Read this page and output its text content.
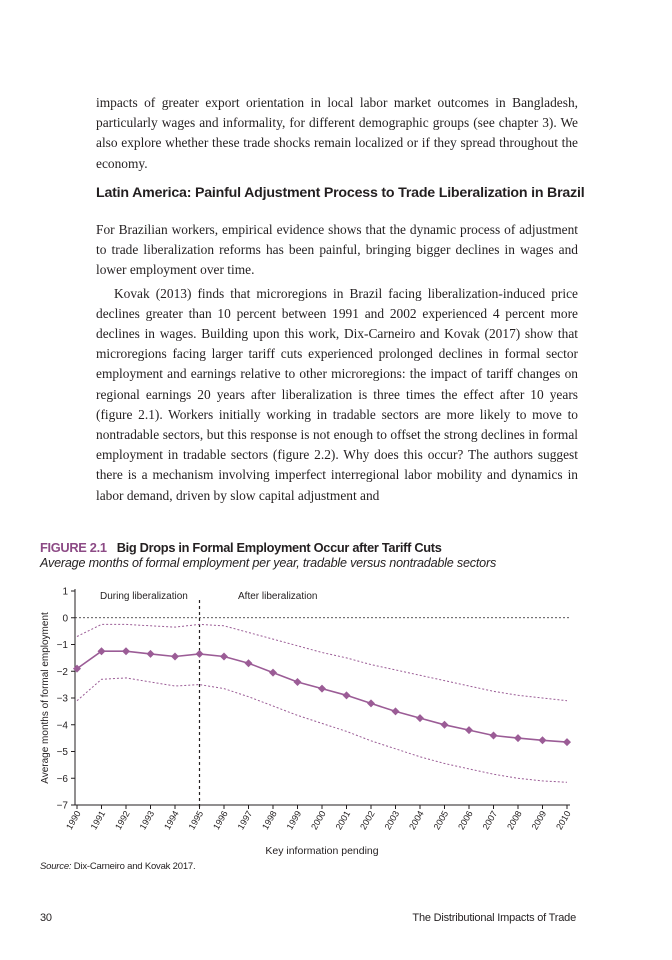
impacts of greater export orientation in local labor market outcomes in Bangladesh, particularly wages and informality, for different demographic groups (see chapter 3). We also explore whether these trade shocks remain localized or if they spread throughout the economy.

Latin America: Painful Adjustment Process to Trade Liberalization in Brazil

For Brazilian workers, empirical evidence shows that the dynamic process of adjustment to trade liberalization reforms has been painful, bringing bigger declines in wages and lower employment over time.

Kovak (2013) finds that microregions in Brazil facing liberalization-induced price declines greater than 10 percent between 1991 and 2002 experienced 4 percent more declines in wages. Building upon this work, Dix-Carneiro and Kovak (2017) show that microregions facing larger tariff cuts experienced prolonged declines in formal sector employment and earnings relative to other microregions: the impact of tariff changes on regional earnings 20 years after liberalization is three times the effect after 10 years (figure 2.1). Workers initially working in tradable sectors are more likely to move to nontradable sectors, but this response is not enough to offset the strong declines in formal employment in tradable sectors (figure 2.2). Why does this occur? The authors suggest there is a mechanism involving imperfect interregional labor mobility and dynamics in labor demand, driven by slow capital adjustment and

FIGURE 2.1 Big Drops in Formal Employment Occur after Tariff Cuts
Average months of formal employment per year, tradable versus nontradable sectors
1
0
−1
−2
−3
−4
−5
−6
−7
1990 1991 1992 1993 1994 1995 1996 1997 1998 1999 2000 2001 2002 2003 2004 2005 2006 2007 2008 2009 2010
During liberalization	After liberalization
Average months of formal employment
Key information pending
Source: Dix-Carneiro and Kovak 2017.
30	The Distributional Impacts of Trade
